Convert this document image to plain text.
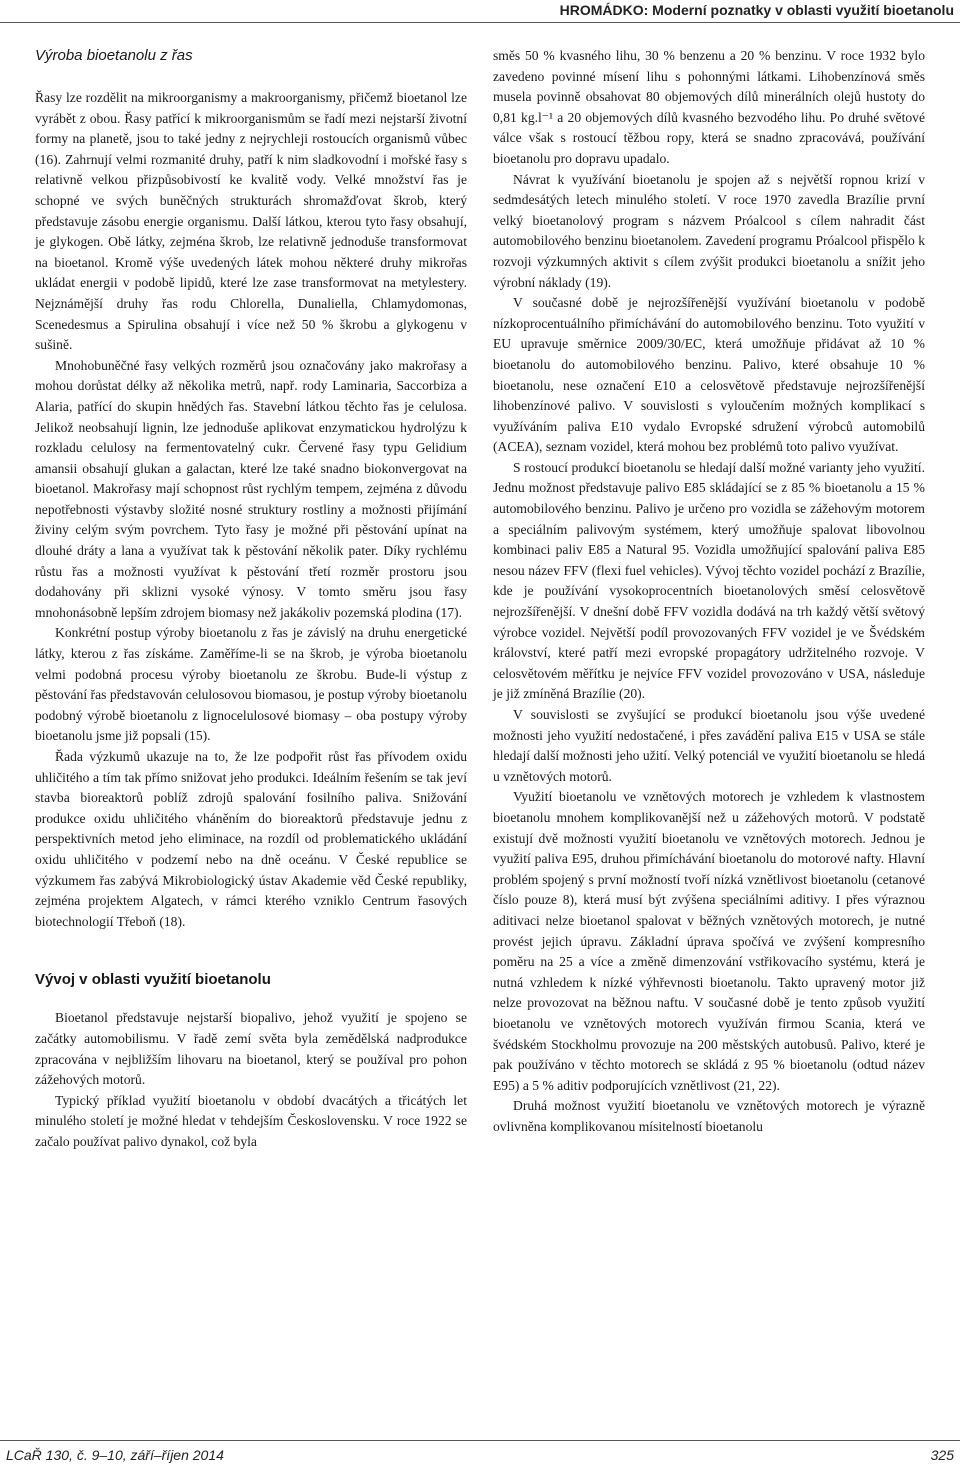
HROMÁDKO: Moderní poznatky v oblasti využití bioetanolu
Výroba bioetanolu z řas

Řasy lze rozdělit na mikroorganismy a makroorganismy, přičemž bioetanol lze vyrábět z obou. Řasy patřící k mikroorganismům se řadí mezi nejstarší životní formy na planetě, jsou to také jedny z nejrychleji rostoucích organismů vůbec (16). Zahrnují velmi rozmanité druhy, patří k nim sladkovodní i mořské řasy s relativně velkou přizpůsobivostí ke kvalitě vody. Velké množství řas je schopné ve svých buněčných strukturách shromažďovat škrob, který představuje zásobu energie organismu. Další látkou, kterou tyto řasy obsahují, je glykogen. Obě látky, zejména škrob, lze relativně jednoduše transformovat na bioetanol. Kromě výše uvedených látek mohou některé druhy mikrořas ukládat energii v podobě lipidů, které lze zase transformovat na metylestery. Nejznámější druhy řas rodu Chlorella, Dunaliella, Chlamydomonas, Scenedesmus a Spirulina obsahují i více než 50 % škrobu a glykogenu v sušině.

Mnohobuněčné řasy velkých rozměrů jsou označovány jako makrořasy a mohou dorůstat délky až několika metrů, např. rody Laminaria, Saccorbiza a Alaria, patřící do skupin hnědých řas. Stavební látkou těchto řas je celulosa. Jelikož neobsahují lignin, lze jednoduše aplikovat enzymatickou hydrolýzu k rozkladu celulosy na fermentovatelný cukr. Červené řasy typu Gelidium amansii obsahují glukan a galactan, které lze také snadno biokonvergovat na bioetanol. Makrořasy mají schopnost růst rychlým tempem, zejména z důvodu nepotřebnosti výstavby složité nosné struktury rostliny a možnosti přijímání živiny celým svým povrchem. Tyto řasy je možné při pěstování upínat na dlouhé dráty a lana a využívat tak k pěstování několik pater. Díky rychlému růstu řas a možnosti využívat k pěstování třetí rozměr prostoru jsou dodahovány při sklizni vysoké výnosy. V tomto směru jsou řasy mnohonásobně lepším zdrojem biomasy než jakákoliv pozemská plodina (17).

Konkrétní postup výroby bioetanolu z řas je závislý na druhu energetické látky, kterou z řas získáme. Zaměříme-li se na škrob, je výroba bioetanolu velmi podobná procesu výroby bioetanolu ze škrobu. Bude-li výstup z pěstování řas představován celulosovou biomasou, je postup výroby bioetanolu podobný výrobě bioetanolu z lignocelulosové biomasy – oba postupy výroby bioetanolu jsme již popsali (15).

Řada výzkumů ukazuje na to, že lze podpořit růst řas přívodem oxidu uhličitého a tím tak přímo snižovat jeho produkci. Ideálním řešením se tak jeví stavba bioreaktorů poblíž zdrojů spalování fosilního paliva. Snižování produkce oxidu uhličitého vháněním do bioreaktorů představuje jednu z perspektivních metod jeho eliminace, na rozdíl od problematického ukládání oxidu uhličitého v podzemí nebo na dně oceánu. V České republice se výzkumem řas zabývá Mikrobiologický ústav Akademie věd České republiky, zejména projektem Algatech, v rámci kterého vzniklo Centrum řasových biotechnologií Třeboň (18).

Vývoj v oblasti využití bioetanolu

Bioetanol představuje nejstarší biopalivo, jehož využití je spojeno se začátky automobilismu. V řadě zemí světa byla zemědělská nadprodukce zpracována v nejbližším lihovaru na bioetanol, který se používal pro pohon zážehových motorů.

Typický příklad využití bioetanolu v období dvacátých a třicátých let minulého století je možné hledat v tehdejším Československu. V roce 1922 se začalo používat palivo dynakol, což byla

směs 50 % kvasného lihu, 30 % benzenu a 20 % benzinu. V roce 1932 bylo zavedeno povinné mísení lihu s pohonnými látkami. Lihobenzínová směs musela povinně obsahovat 80 objemových dílů minerálních olejů hustoty do 0,81 kg.l⁻¹ a 20 objemových dílů kvasného bezvodého lihu. Po druhé světové válce však s rostoucí těžbou ropy, která se snadno zpracovává, používání bioetanolu pro dopravu upadalo.

Návrat k využívání bioetanolu je spojen až s největší ropnou krizí v sedmdesátých letech minulého století. V roce 1970 zavedla Brazílie první velký bioetanolový program s názvem Próalcool s cílem nahradit část automobilového benzinu bioetanolem. Zavedení programu Próalcool přispělo k rozvoji výzkumných aktivit s cílem zvýšit produkci bioetanolu a snížit jeho výrobní náklady (19).

V současné době je nejrozšířenější využívání bioetanolu v podobě nízkoprocentuálního přimíchávání do automobilového benzinu. Toto využití v EU upravuje směrnice 2009/30/EC, která umožňuje přidávat až 10 % bioetanolu do automobilového benzinu. Palivo, které obsahuje 10 % bioetanolu, nese označení E10 a celosvětově představuje nejrozšířenější lihobenzínové palivo. V souvislosti s vyloučením možných komplikací s využíváním paliva E10 vydalo Evropské sdružení výrobců automobilů (ACEA), seznam vozidel, která mohou bez problémů toto palivo využívat.

S rostoucí produkcí bioetanolu se hledají další možné varianty jeho využití. Jednu možnost představuje palivo E85 skládající se z 85 % bioetanolu a 15 % automobilového benzinu. Palivo je určeno pro vozidla se zážehovým motorem a speciálním palivovým systémem, který umožňuje spalovat libovolnou kombinaci paliv E85 a Natural 95. Vozidla umožňující spalování paliva E85 nesou název FFV (flexi fuel vehicles). Vývoj těchto vozidel pochází z Brazílie, kde je používání vysokoprocentních bioetanolových směsí celosvětově nejrozšířenější. V dnešní době FFV vozidla dodává na trh každý větší světový výrobce vozidel. Největší podíl provozovaných FFV vozidel je ve Švédském království, které patří mezi evropské propagátory udržitelného rozvoje. V celosvětovém měřítku je nejvíce FFV vozidel provozováno v USA, následuje je již zmíněná Brazílie (20).

V souvislosti se zvyšující se produkcí bioetanolu jsou výše uvedené možnosti jeho využití nedostačené, i přes zavádění paliva E15 v USA se stále hledají další možnosti jeho užití. Velký potenciál ve využití bioetanolu se hledá u vznětových motorů.

Využití bioetanolu ve vznětových motorech je vzhledem k vlastnostem bioetanolu mnohem komplikovanější než u zážehových motorů. V podstatě existují dvě možnosti využití bioetanolu ve vznětových motorech. Jednou je využití paliva E95, druhou přimíchávání bioetanolu do motorové nafty. Hlavní problém spojený s první možností tvoří nízká vznětlivost bioetanolu (cetanové číslo pouze 8), která musí být zvýšena speciálními aditivy. I přes výraznou aditivaci nelze bioetanol spalovat v běžných vznětových motorech, je nutné provést jejich úpravu. Základní úprava spočívá ve zvýšení kompresního poměru na 25 a více a změně dimenzování vstřikovacího systému, která je nutná vzhledem k nízké výhřevnosti bioetanolu. Takto upravený motor již nelze provozovat na běžnou naftu. V současné době je tento způsob využití bioetanolu ve vznětových motorech využíván firmou Scania, která ve švédském Stockholmu provozuje na 200 městských autobusů. Palivo, které je pak používáno v těchto motorech se skládá z 95 % bioetanolu (odtud název E95) a 5 % aditiv podporujících vznětlivost (21, 22).

Druhá možnost využití bioetanolu ve vznětových motorech je výrazně ovlivněna komplikovanou mísitelností bioetanolu

LCaŘ 130, č. 9–10, září–říjen 2014	325
